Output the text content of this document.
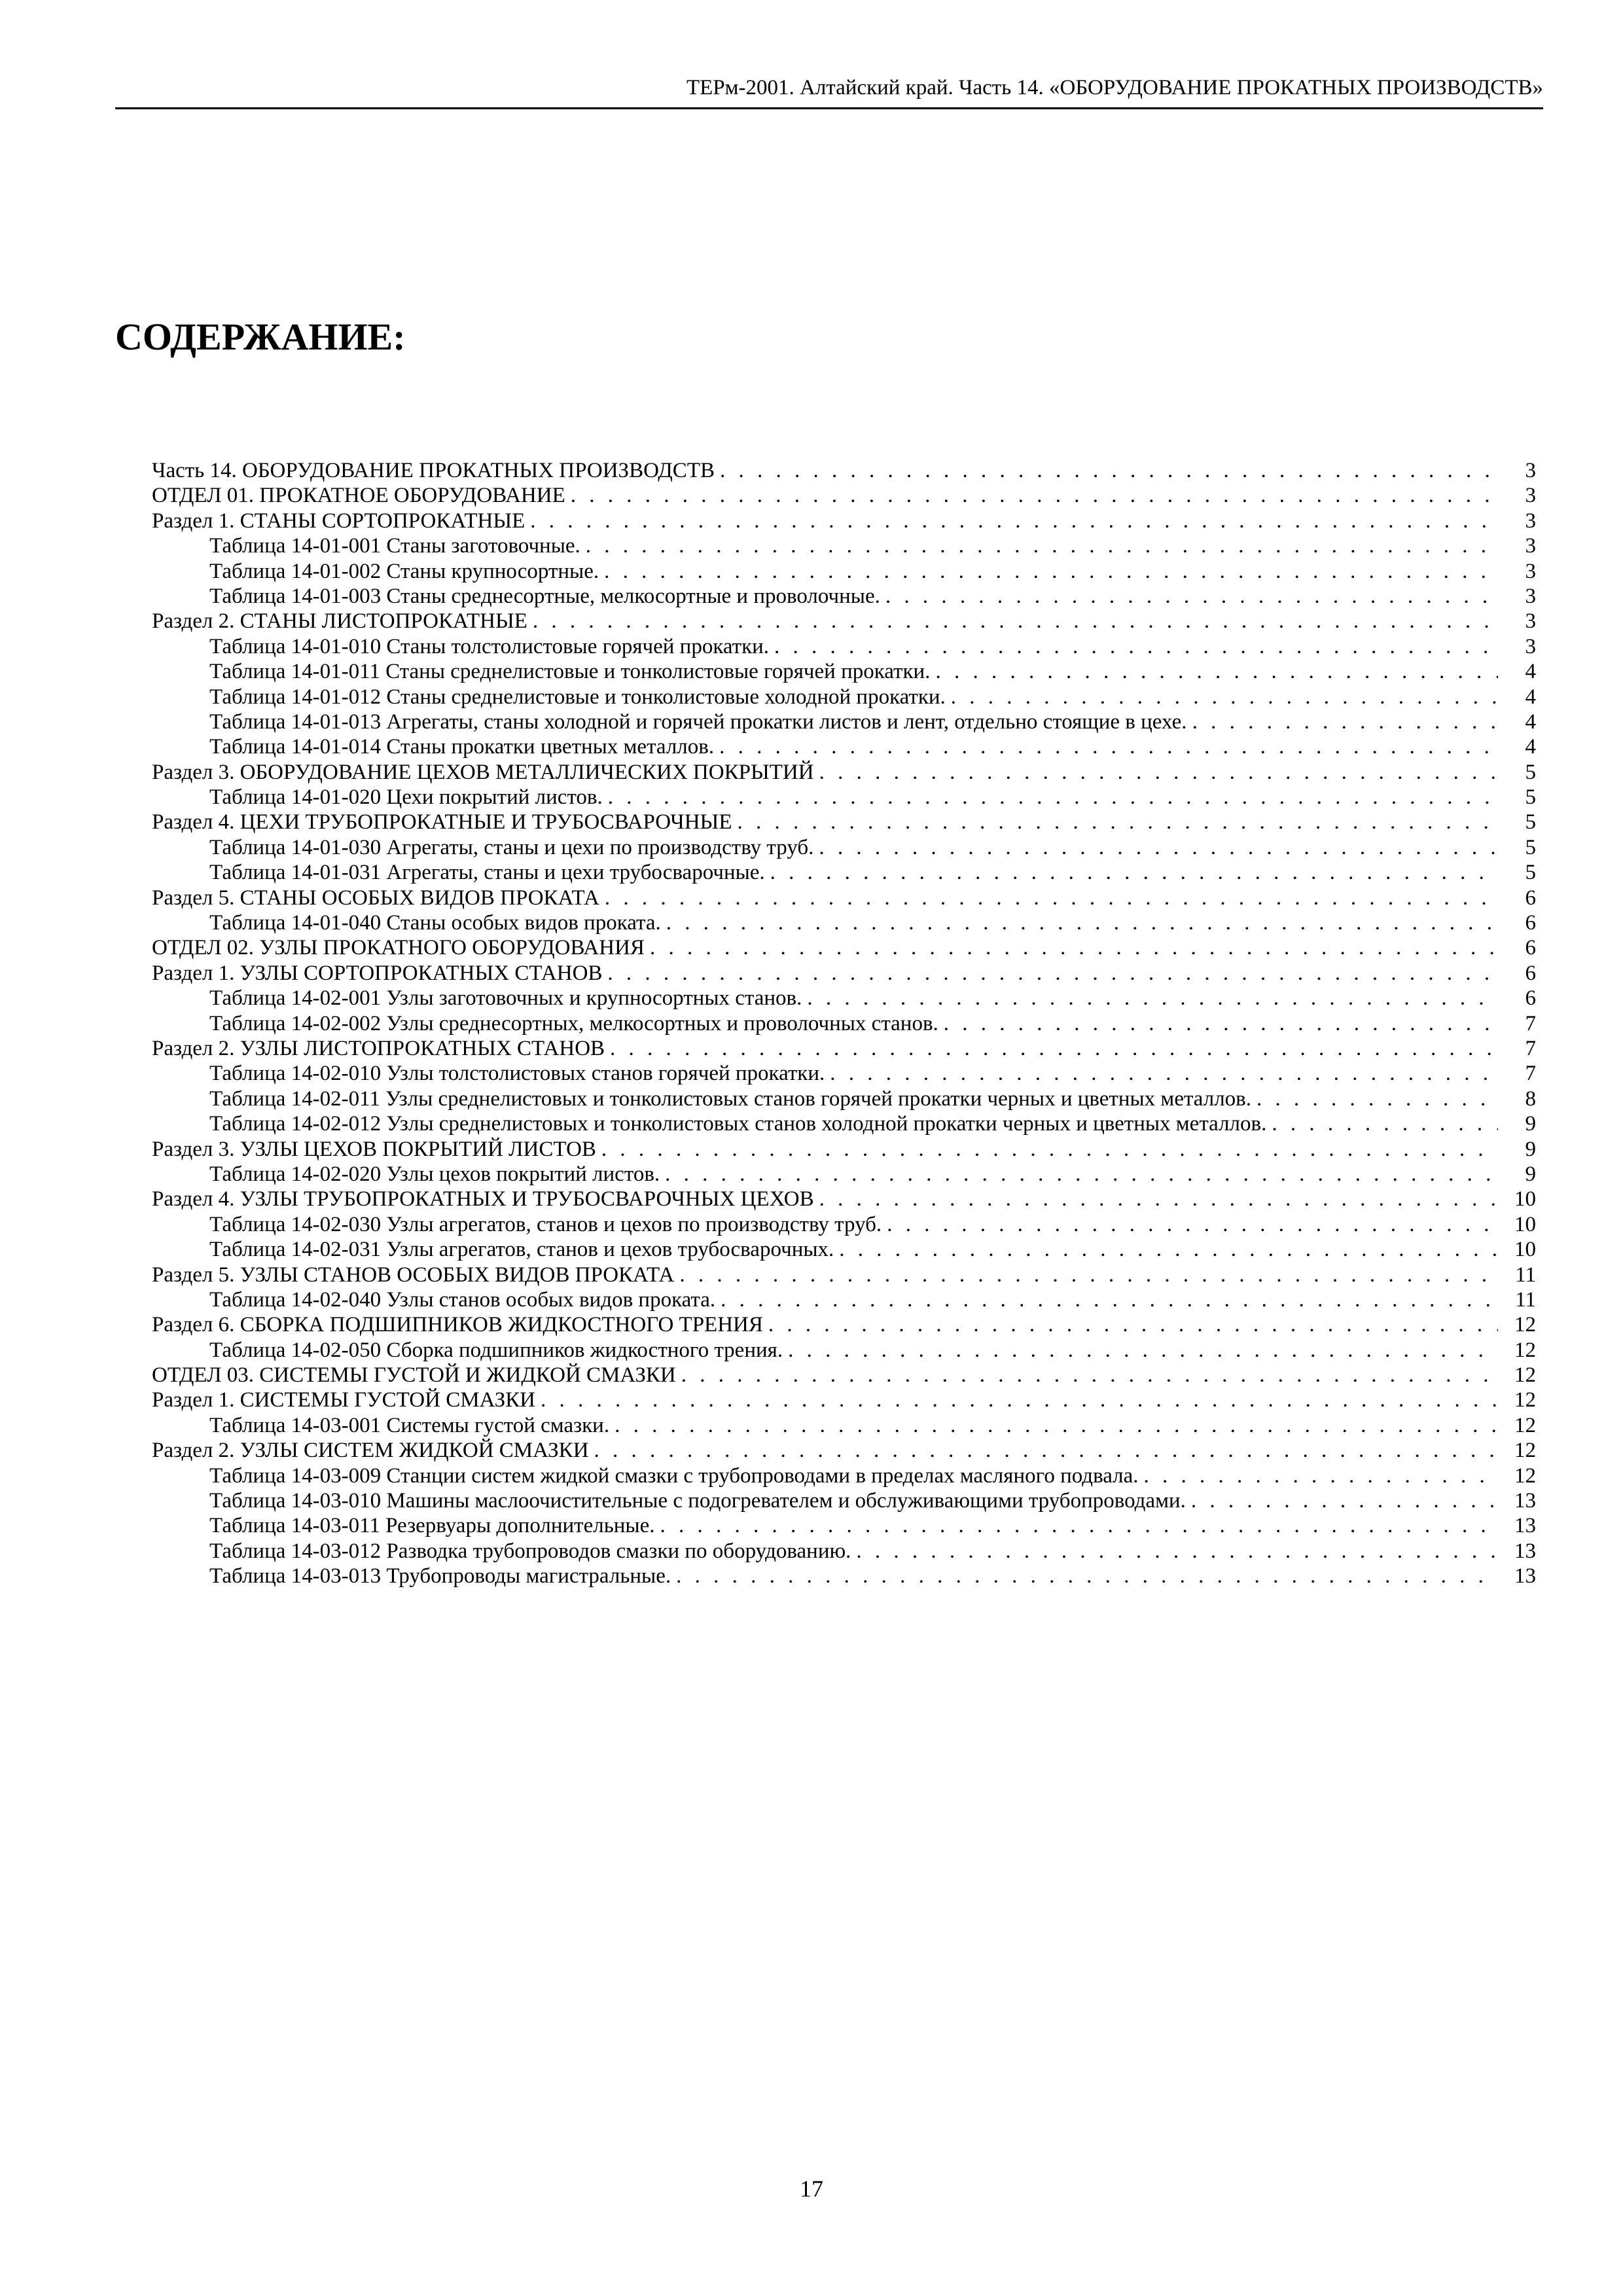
ТЕРм-2001. Алтайский край. Часть 14. «ОБОРУДОВАНИЕ ПРОКАТНЫХ ПРОИЗВОДСТВ»
СОДЕРЖАНИЕ:
Часть 14. ОБОРУДОВАНИЕ ПРОКАТНЫХ ПРОИЗВОДСТВ . . .	3
ОТДЕЛ 01. ПРОКАТНОЕ ОБОРУДОВАНИЕ . . .	3
Раздел 1. СТАНЫ СОРТОПРОКАТНЫЕ . . .	3
Таблица 14-01-001 Станы заготовочные. . . .	3
Таблица 14-01-002 Станы крупносортные. . . .	3
Таблица 14-01-003 Станы среднесортные, мелкосортные и проволочные. . . .	3
Раздел 2. СТАНЫ ЛИСТОПРОКАТНЫЕ . . .	3
Таблица 14-01-010 Станы толстолистовые горячей прокатки. . . .	3
Таблица 14-01-011 Станы среднелистовые и тонколистовые горячей прокатки. . . .	4
Таблица 14-01-012 Станы среднелистовые и тонколистовые холодной прокатки. . . .	4
Таблица 14-01-013 Агрегаты, станы холодной и горячей прокатки листов и лент, отдельно стоящие в цехе. . . .	4
Таблица 14-01-014 Станы прокатки цветных металлов. . . .	4
Раздел 3. ОБОРУДОВАНИЕ ЦЕХОВ МЕТАЛЛИЧЕСКИХ ПОКРЫТИЙ . . .	5
Таблица 14-01-020 Цехи покрытий листов. . . .	5
Раздел 4. ЦЕХИ ТРУБОПРОКАТНЫЕ И ТРУБОСВАРОЧНЫЕ . . .	5
Таблица 14-01-030 Агрегаты, станы и цехи по производству труб. . . .	5
Таблица 14-01-031 Агрегаты, станы и цехи трубосварочные. . . .	5
Раздел 5. СТАНЫ ОСОБЫХ ВИДОВ ПРОКАТА . . .	6
Таблица 14-01-040 Станы особых видов проката. . . .	6
ОТДЕЛ 02. УЗЛЫ ПРОКАТНОГО ОБОРУДОВАНИЯ . . .	6
Раздел 1. УЗЛЫ СОРТОПРОКАТНЫХ СТАНОВ . . .	6
Таблица 14-02-001 Узлы заготовочных и крупносортных станов. . . .	6
Таблица 14-02-002 Узлы среднесортных, мелкосортных и проволочных станов. . . .	7
Раздел 2. УЗЛЫ ЛИСТОПРОКАТНЫХ СТАНОВ . . .	7
Таблица 14-02-010 Узлы толстолистовых станов горячей прокатки. . . .	7
Таблица 14-02-011 Узлы среднелистовых и тонколистовых станов горячей прокатки черных и цветных металлов. . . .	8
Таблица 14-02-012 Узлы среднелистовых и тонколистовых станов холодной прокатки черных и цветных металлов. . . .	9
Раздел 3. УЗЛЫ ЦЕХОВ ПОКРЫТИЙ ЛИСТОВ . . .	9
Таблица 14-02-020 Узлы цехов покрытий листов. . . .	9
Раздел 4. УЗЛЫ ТРУБОПРОКАТНЫХ И ТРУБОСВАРОЧНЫХ ЦЕХОВ . . .	10
Таблица 14-02-030 Узлы агрегатов, станов и цехов по производству труб. . . .	10
Таблица 14-02-031 Узлы агрегатов, станов и цехов трубосварочных. . . .	10
Раздел 5. УЗЛЫ СТАНОВ ОСОБЫХ ВИДОВ ПРОКАТА . . .	11
Таблица 14-02-040 Узлы станов особых видов проката. . . .	11
Раздел 6. СБОРКА ПОДШИПНИКОВ ЖИДКОСТНОГО ТРЕНИЯ . . .	12
Таблица 14-02-050 Сборка подшипников жидкостного трения. . . .	12
ОТДЕЛ 03. СИСТЕМЫ ГУСТОЙ И ЖИДКОЙ СМАЗКИ . . .	12
Раздел 1. СИСТЕМЫ ГУСТОЙ СМАЗКИ . . .	12
Таблица 14-03-001 Системы густой смазки. . . .	12
Раздел 2. УЗЛЫ СИСТЕМ ЖИДКОЙ СМАЗКИ . . .	12
Таблица 14-03-009 Станции систем жидкой смазки с трубопроводами в пределах масляного подвала. . . .	12
Таблица 14-03-010 Машины маслоочистительные с подогревателем и обслуживающими трубопроводами. . . .	13
Таблица 14-03-011 Резервуары дополнительные. . . .	13
Таблица 14-03-012 Разводка трубопроводов смазки по оборудованию. . . .	13
Таблица 14-03-013 Трубопроводы магистральные. . . .	13
17
